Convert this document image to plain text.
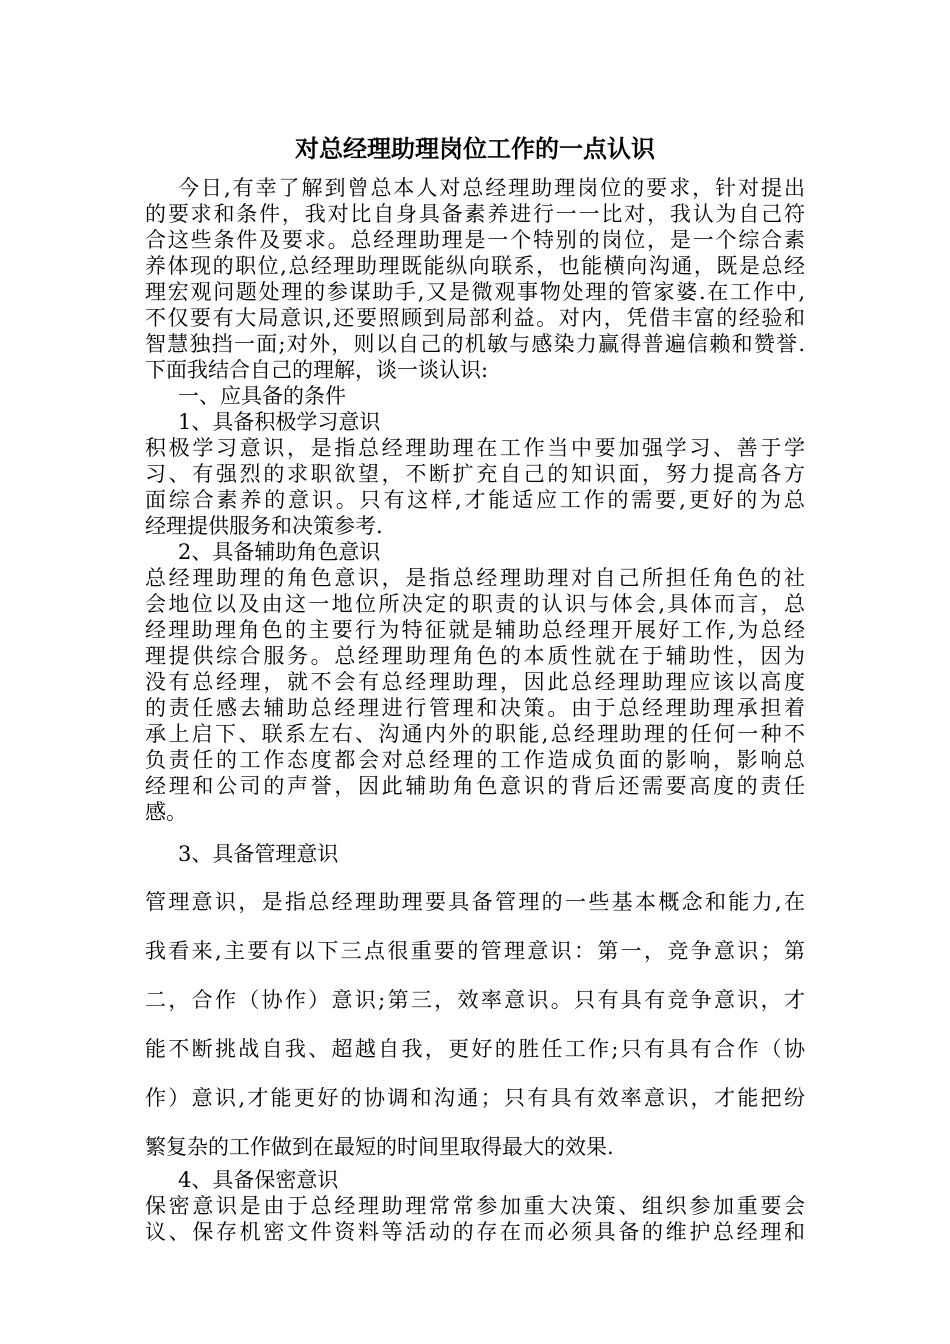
对总经理助理岗位工作的一点认识
今日,有幸了解到曾总本人对总经理助理岗位的要求，针对提出
的要求和条件，我对比自身具备素养进行一一比对，我认为自己符
合这些条件及要求。总经理助理是一个特别的岗位，是一个综合素
养体现的职位,总经理助理既能纵向联系，也能横向沟通，既是总经
理宏观问题处理的参谋助手,又是微观事物处理的管家婆.在工作中,
不仅要有大局意识,还要照顾到局部利益。对内，凭借丰富的经验和
智慧独挡一面;对外，则以自己的机敏与感染力赢得普遍信赖和赞誉.
下面我结合自己的理解，谈一谈认识:
一、应具备的条件
1、具备积极学习意识
积极学习意识，是指总经理助理在工作当中要加强学习、善于学
习、有强烈的求职欲望，不断扩充自己的知识面，努力提高各方
面综合素养的意识。只有这样,才能适应工作的需要,更好的为总
经理提供服务和决策参考.
2、具备辅助角色意识
总经理助理的角色意识，是指总经理助理对自己所担任角色的社
会地位以及由这一地位所决定的职责的认识与体会,具体而言，总
经理助理角色的主要行为特征就是辅助总经理开展好工作,为总经
理提供综合服务。总经理助理角色的本质性就在于辅助性，因为
没有总经理，就不会有总经理助理，因此总经理助理应该以高度
的责任感去辅助总经理进行管理和决策。由于总经理助理承担着
承上启下、联系左右、沟通内外的职能,总经理助理的任何一种不
负责任的工作态度都会对总经理的工作造成负面的影响，影响总
经理和公司的声誉，因此辅助角色意识的背后还需要高度的责任
感。
3、具备管理意识
管理意识，是指总经理助理要具备管理的一些基本概念和能力,在
我看来,主要有以下三点很重要的管理意识：第一，竞争意识；第
二，合作（协作）意识;第三，效率意识。只有具有竞争意识，才
能不断挑战自我、超越自我，更好的胜任工作;只有具有合作（协
作）意识,才能更好的协调和沟通；只有具有效率意识，才能把纷
繁复杂的工作做到在最短的时间里取得最大的效果.
4、具备保密意识
保密意识是由于总经理助理常常参加重大决策、组织参加重要会
议、保存机密文件资料等活动的存在而必须具备的维护总经理和
